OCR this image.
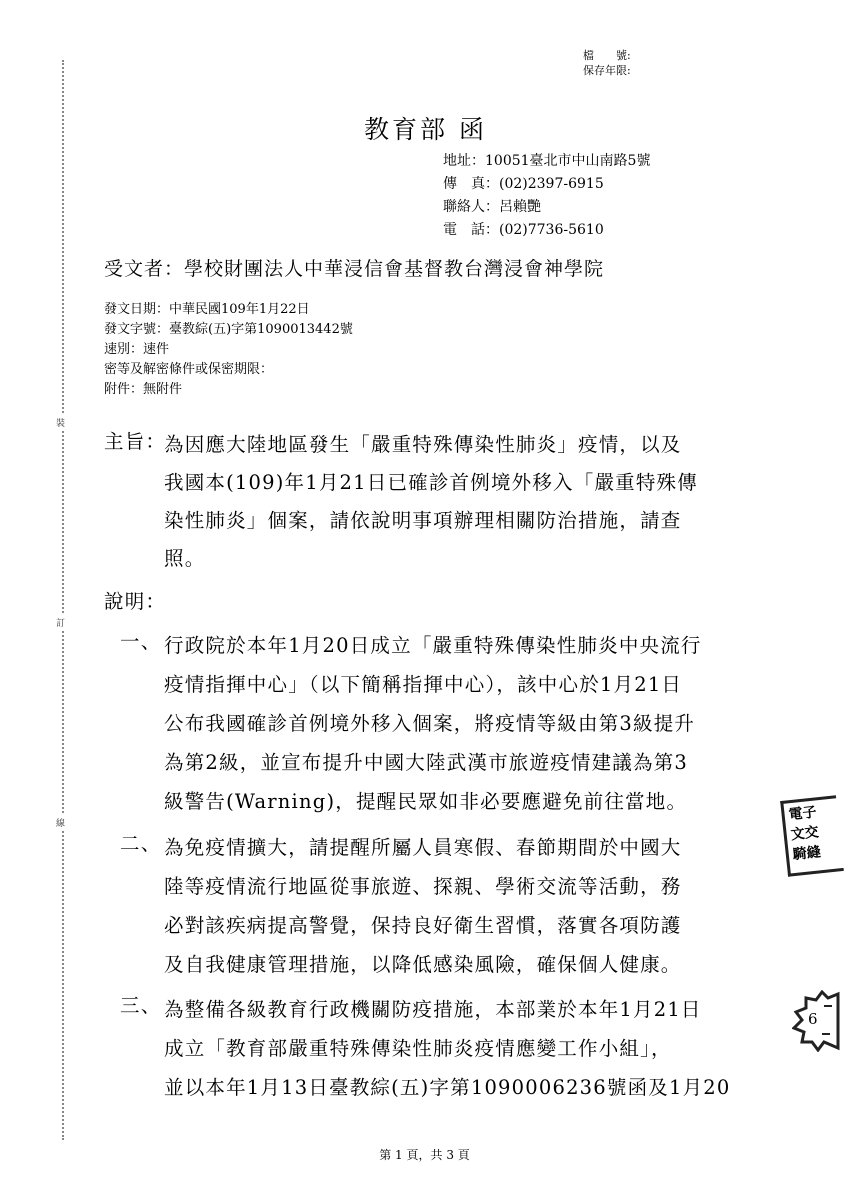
裝
訂
線
檔　　號:
保存年限:
教育部 函
地址：10051臺北市中山南路5號
傳　真：(02)2397-6915
聯絡人：呂賴艷
電　話：(02)7736-5610
受文者：學校財團法人中華浸信會基督教台灣浸會神學院
發文日期：中華民國109年1月22日
發文字號：臺教綜(五)字第1090013442號
速別：速件
密等及解密條件或保密期限：
附件：無附件
主旨：
為因應大陸地區發生「嚴重特殊傳染性肺炎」疫情，以及
我國本(109)年1月21日已確診首例境外移入「嚴重特殊傳
染性肺炎」個案，請依說明事項辦理相關防治措施，請查
照。
說明：
一、 行政院於本年1月20日成立「嚴重特殊傳染性肺炎中央流行
疫情指揮中心」（以下簡稱指揮中心），該中心於1月21日
公布我國確診首例境外移入個案，將疫情等級由第3級提升
為第2級，並宣布提升中國大陸武漢市旅遊疫情建議為第3
級警告(Warning)，提醒民眾如非必要應避免前往當地。
二、 為免疫情擴大，請提醒所屬人員寒假、春節期間於中國大
陸等疫情流行地區從事旅遊、探親、學術交流等活動，務
必對該疾病提高警覺，保持良好衛生習慣，落實各項防護
及自我健康管理措施，以降低感染風險，確保個人健康。
三、 為整備各級教育行政機關防疫措施，本部業於本年1月21日
成立「教育部嚴重特殊傳染性肺炎疫情應變工作小組」，
並以本年1月13日臺教綜(五)字第1090006236號函及1月20
電子
文交
騎縫
6
第 1 頁，共 3 頁
